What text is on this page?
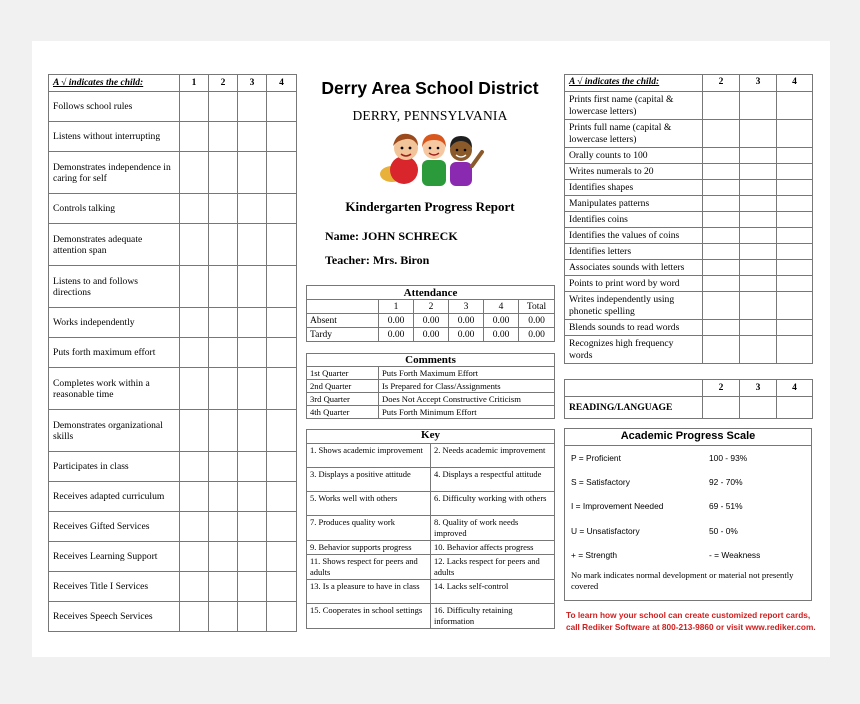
A √ indicates the child:	1	2	3	4
Follows school rules				
Listens without interrupting				
Demonstrates independence in caring for self				
Controls talking				
Demonstrates adequate attention span				
Listens to and follows directions				
Works independently				
Puts forth maximum effort				
Completes work within a reasonable time				
Demonstrates organizational skills				
Participates in class				
Receives adapted curriculum				
Receives Gifted Services				
Receives Learning Support				
Receives Title I Services				
Receives Speech Services				
Derry Area School District
DERRY, PENNSYLVANIA
Kindergarten Progress Report
Name: JOHN SCHRECK
Teacher: Mrs. Biron
Attendance					
	1	2	3	4	Total
Absent	0.00	0.00	0.00	0.00	0.00
Tardy	0.00	0.00	0.00	0.00	0.00
Comments	
1st Quarter	Puts Forth Maximum Effort
2nd Quarter	Is Prepared for Class/Assignments
3rd Quarter	Does Not Accept Constructive Criticism
4th Quarter	Puts Forth Minimum Effort
Key	
1. Shows academic improvement	2. Needs academic improvement
3. Displays a positive attitude	4. Displays a respectful attitude
5. Works well with others	6. Difficulty working with others
7. Produces quality work	8. Quality of work needs improved
9. Behavior supports progress	10. Behavior affects progress
11. Shows respect for peers and adults	12. Lacks respect for peers and adults
13. Is a pleasure to have in class	14. Lacks self-control
15. Cooperates in school settings	16. Difficulty retaining information
A √ indicates the child:	2	3	4
Prints first name (capital & lowercase letters)			
Prints full name (capital & lowercase letters)			
Orally counts to 100			
Writes numerals to 20			
Identifies shapes			
Manipulates patterns			
Identifies coins			
Identifies the values of coins			
Identifies letters			
Associates sounds with letters			
Points to print word by word			
Writes independently using phonetic spelling			
Blends sounds to read words			
Recognizes high frequency words			
	2	3	4
READING/LANGUAGE			
Academic Progress Scale	
P = Proficient	100 - 93%
S = Satisfactory	92 - 70%
I = Improvement Needed	69 - 51%
U = Unsatisfactory	50 - 0%
+ = Strength	- = Weakness
No mark indicates normal development or material not presently covered	
To learn how your school can create customized report cards,
call Rediker Software at 800-213-9860 or visit www.rediker.com.
